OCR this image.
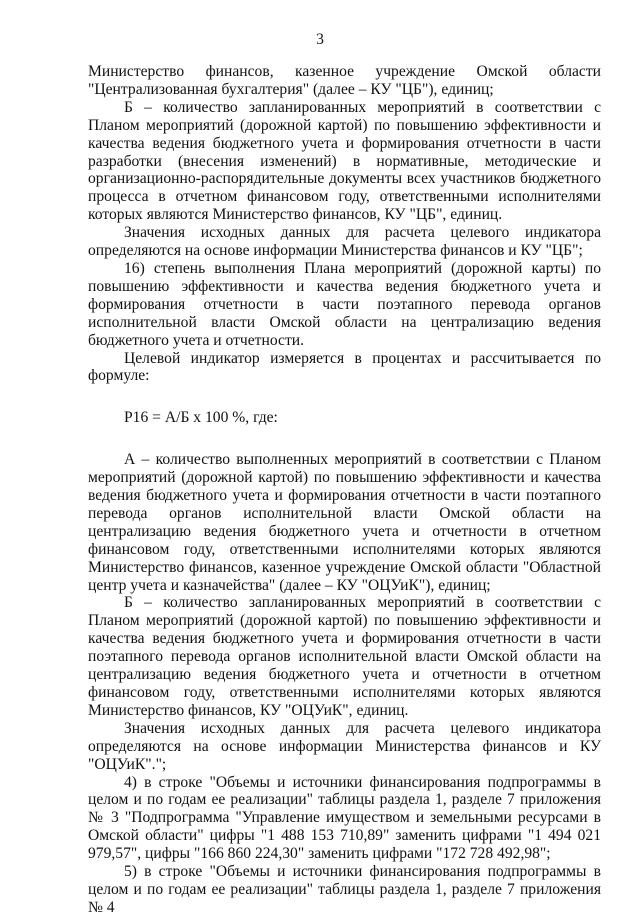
3

Министерство финансов, казенное учреждение Омской области "Централизованная бухгалтерия" (далее – КУ "ЦБ"), единиц;

Б – количество запланированных мероприятий в соответствии с Планом мероприятий (дорожной картой) по повышению эффективности и качества ведения бюджетного учета и формирования отчетности в части разработки (внесения изменений) в нормативные, методические и организационно-распорядительные документы всех участников бюджетного процесса в отчетном финансовом году, ответственными исполнителями которых являются Министерство финансов, КУ "ЦБ", единиц.

Значения исходных данных для расчета целевого индикатора определяются на основе информации Министерства финансов и КУ "ЦБ";

16) степень выполнения Плана мероприятий (дорожной карты) по повышению эффективности и качества ведения бюджетного учета и формирования отчетности в части поэтапного перевода органов исполнительной власти Омской области на централизацию ведения бюджетного учета и отчетности.

Целевой индикатор измеряется в процентах и рассчитывается по формуле:

Р16 = А/Б х 100 %, где:

А – количество выполненных мероприятий в соответствии с Планом мероприятий (дорожной картой) по повышению эффективности и качества ведения бюджетного учета и формирования отчетности в части поэтапного перевода органов исполнительной власти Омской области на централизацию ведения бюджетного учета и отчетности в отчетном финансовом году, ответственными исполнителями которых являются Министерство финансов, казенное учреждение Омской области "Областной центр учета и казначейства" (далее – КУ "ОЦУиК"), единиц;

Б – количество запланированных мероприятий в соответствии с Планом мероприятий (дорожной картой) по повышению эффективности и качества ведения бюджетного учета и формирования отчетности в части поэтапного перевода органов исполнительной власти Омской области на централизацию ведения бюджетного учета и отчетности в отчетном финансовом году, ответственными исполнителями которых являются Министерство финансов, КУ "ОЦУиК", единиц.

Значения исходных данных для расчета целевого индикатора определяются на основе информации Министерства финансов и КУ "ОЦУиК".";

4) в строке "Объемы и источники финансирования подпрограммы в целом и по годам ее реализации" таблицы раздела 1, разделе 7 приложения № 3 "Подпрограмма "Управление имуществом и земельными ресурсами в Омской области" цифры "1 488 153 710,89" заменить цифрами "1 494 021 979,57", цифры "166 860 224,30" заменить цифрами "172 728 492,98";

5) в строке "Объемы и источники финансирования подпрограммы в целом и по годам ее реализации" таблицы раздела 1, разделе 7 приложения № 4
